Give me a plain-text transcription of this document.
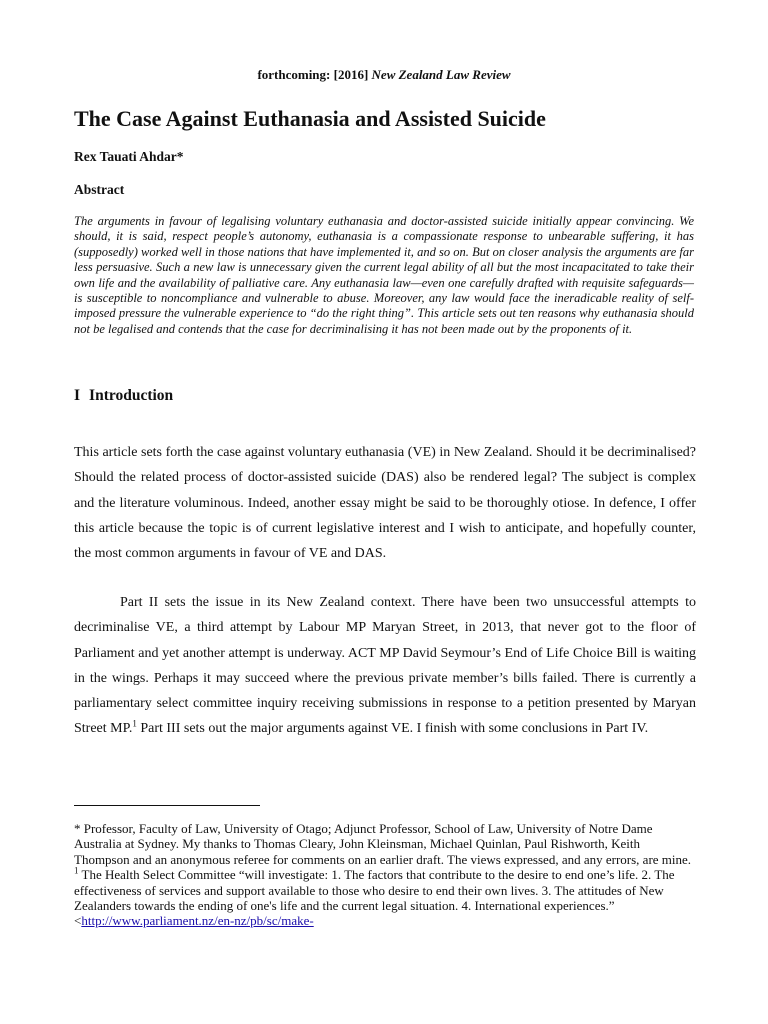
forthcoming: [2016] New Zealand Law Review
The Case Against Euthanasia and Assisted Suicide
Rex Tauati Ahdar*
Abstract

The arguments in favour of legalising voluntary euthanasia and doctor-assisted suicide initially appear convincing. We should, it is said, respect people’s autonomy, euthanasia is a compassionate response to unbearable suffering, it has (supposedly) worked well in those nations that have implemented it, and so on. But on closer analysis the arguments are far less persuasive. Such a new law is unnecessary given the current legal ability of all but the most incapacitated to take their own life and the availability of palliative care. Any euthanasia law—even one carefully drafted with requisite safeguards—is susceptible to noncompliance and vulnerable to abuse. Moreover, any law would face the ineradicable reality of self-imposed pressure the vulnerable experience to “do the right thing”. This article sets out ten reasons why euthanasia should not be legalised and contends that the case for decriminalising it has not been made out by the proponents of it.

I Introduction

This article sets forth the case against voluntary euthanasia (VE) in New Zealand. Should it be decriminalised? Should the related process of doctor-assisted suicide (DAS) also be rendered legal? The subject is complex and the literature voluminous. Indeed, another essay might be said to be thoroughly otiose. In defence, I offer this article because the topic is of current legislative interest and I wish to anticipate, and hopefully counter, the most common arguments in favour of VE and DAS.

Part II sets the issue in its New Zealand context. There have been two unsuccessful attempts to decriminalise VE, a third attempt by Labour MP Maryan Street, in 2013, that never got to the floor of Parliament and yet another attempt is underway. ACT MP David Seymour’s End of Life Choice Bill is waiting in the wings. Perhaps it may succeed where the previous private member’s bills failed. There is currently a parliamentary select committee inquiry receiving submissions in response to a petition presented by Maryan Street MP.$^1$ Part III sets out the major arguments against VE. I finish with some conclusions in Part IV.

* Professor, Faculty of Law, University of Otago; Adjunct Professor, School of Law, University of Notre Dame Australia at Sydney. My thanks to Thomas Cleary, John Kleinsman, Michael Quinlan, Paul Rishworth, Keith Thompson and an anonymous referee for comments on an earlier draft. The views expressed, and any errors, are mine.

$^1$ The Health Select Committee “will investigate: 1. The factors that contribute to the desire to end one’s life. 2. The effectiveness of services and support available to those who desire to end their own lives. 3. The attitudes of New Zealanders towards the ending of one's life and the current legal situation. 4. International experiences.” <http://www.parliament.nz/en-nz/pb/sc/make-
